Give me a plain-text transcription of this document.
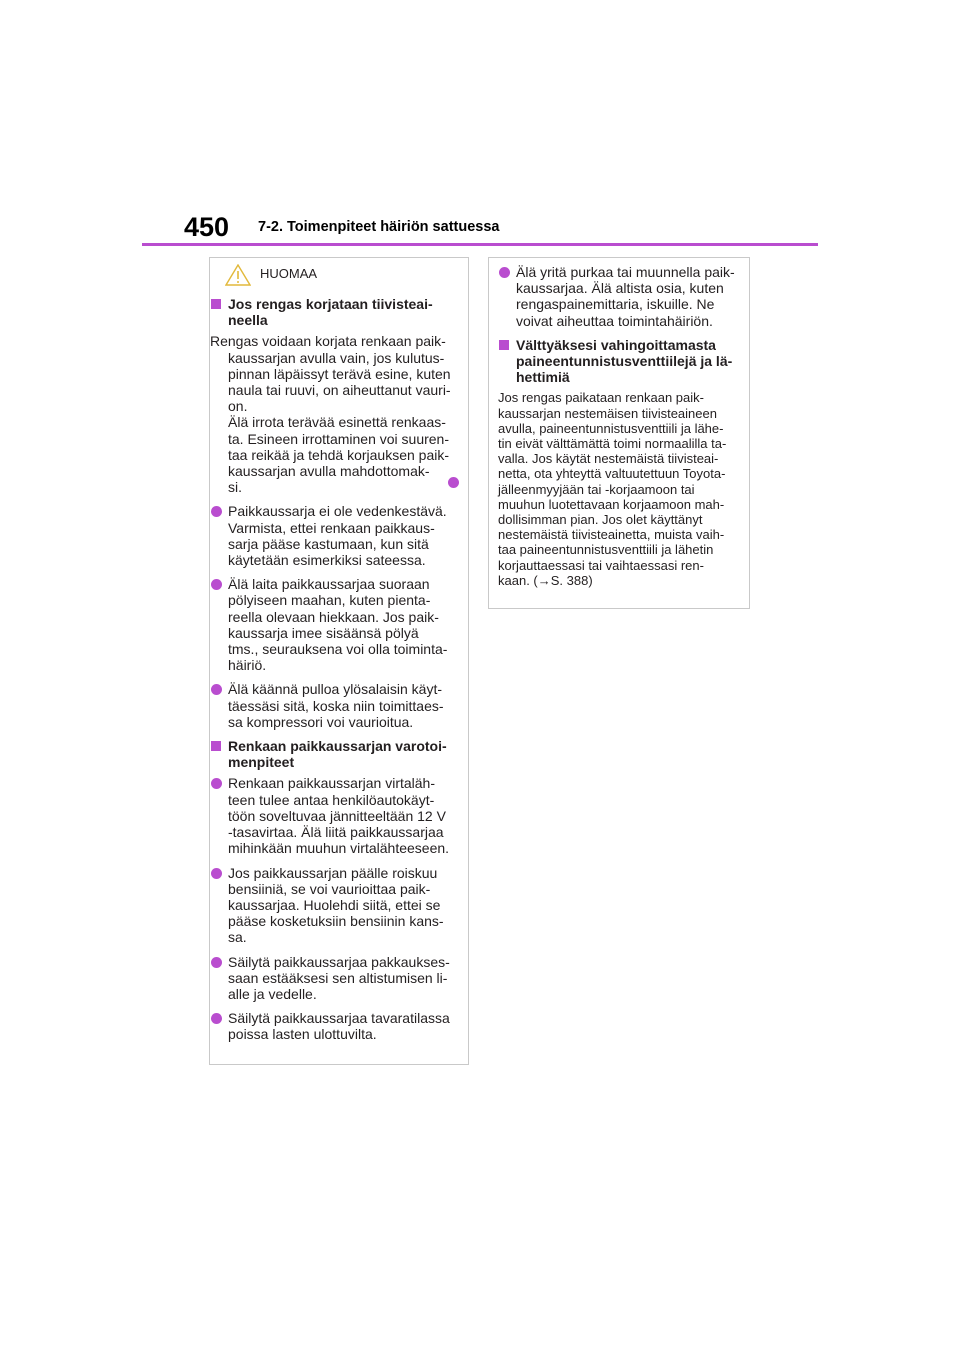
450 7-2. Toimenpiteet häiriön sattuessa
HUOMAA
Jos rengas korjataan tiivisteai-
neella
Rengas voidaan korjata renkaan paik-
kaussarjan avulla vain, jos kulutus-
pinnan läpäissyt terävä esine, kuten
naula tai ruuvi, on aiheuttanut vauri-
on.
Älä irrota terävää esinettä renkaas-
ta. Esineen irrottaminen voi suuren-
taa reikää ja tehdä korjauksen paik-
kaussarjan avulla mahdottomak-
si.
Paikkaussarja ei ole vedenkestävä.
Varmista, ettei renkaan paikkaus-
sarja pääse kastumaan, kun sitä
käytetään esimerkiksi sateessa.
Älä laita paikkaussarjaa suoraan
pölyiseen maahan, kuten pienta-
reella olevaan hiekkaan. Jos paik-
kaussarja imee sisäänsä pölyä
tms., seurauksena voi olla toiminta-
häiriö.
Älä käännä pulloa ylösalaisin käyt-
täessäsi sitä, koska niin toimittaes-
sa kompressori voi vaurioitua.
Renkaan paikkaussarjan varotoi-
menpiteet
Renkaan paikkaussarjan virtaläh-
teen tulee antaa henkilöautokäyt-
töön soveltuvaa jännitteeltään 12 V
-tasavirtaa. Älä liitä paikkaussarjaa
mihinkään muuhun virtalähteeseen.
Jos paikkaussarjan päälle roiskuu
bensiiniä, se voi vaurioittaa paik-
kaussarjaa. Huolehdi siitä, ettei se
pääse kosketuksiin bensiinin kans-
sa.
Säilytä paikkaussarjaa pakkaukses-
saan estääksesi sen altistumisen li-
alle ja vedelle.
Säilytä paikkaussarjaa tavaratilassa
poissa lasten ulottuvilta.
Älä yritä purkaa tai muunnella paik-
kaussarjaa. Älä altista osia, kuten
rengaspainemittaria, iskuille. Ne
voivat aiheuttaa toimintahäiriön.
Välttyäksesi vahingoittamasta
paineentunnistusventtiilejä ja lä-
hettimiä
Jos rengas paikataan renkaan paik-
kaussarjan nestemäisen tiivisteaineen
avulla, paineentunnistusventtiili ja lähe-
tin eivät välttämättä toimi normaalilla ta-
valla. Jos käytät nestemäistä tiivisteai-
netta, ota yhteyttä valtuutettuun Toyota-
jälleenmyyjään tai -korjaamoon tai
muuhun luotettavaan korjaamoon mah-
dollisimman pian. Jos olet käyttänyt
nestemäistä tiivisteainetta, muista vaih-
taa paineentunnistusventtiili ja lähetin
korjauttaessasi tai vaihtaessasi ren-
kaan. (→S. 388)
